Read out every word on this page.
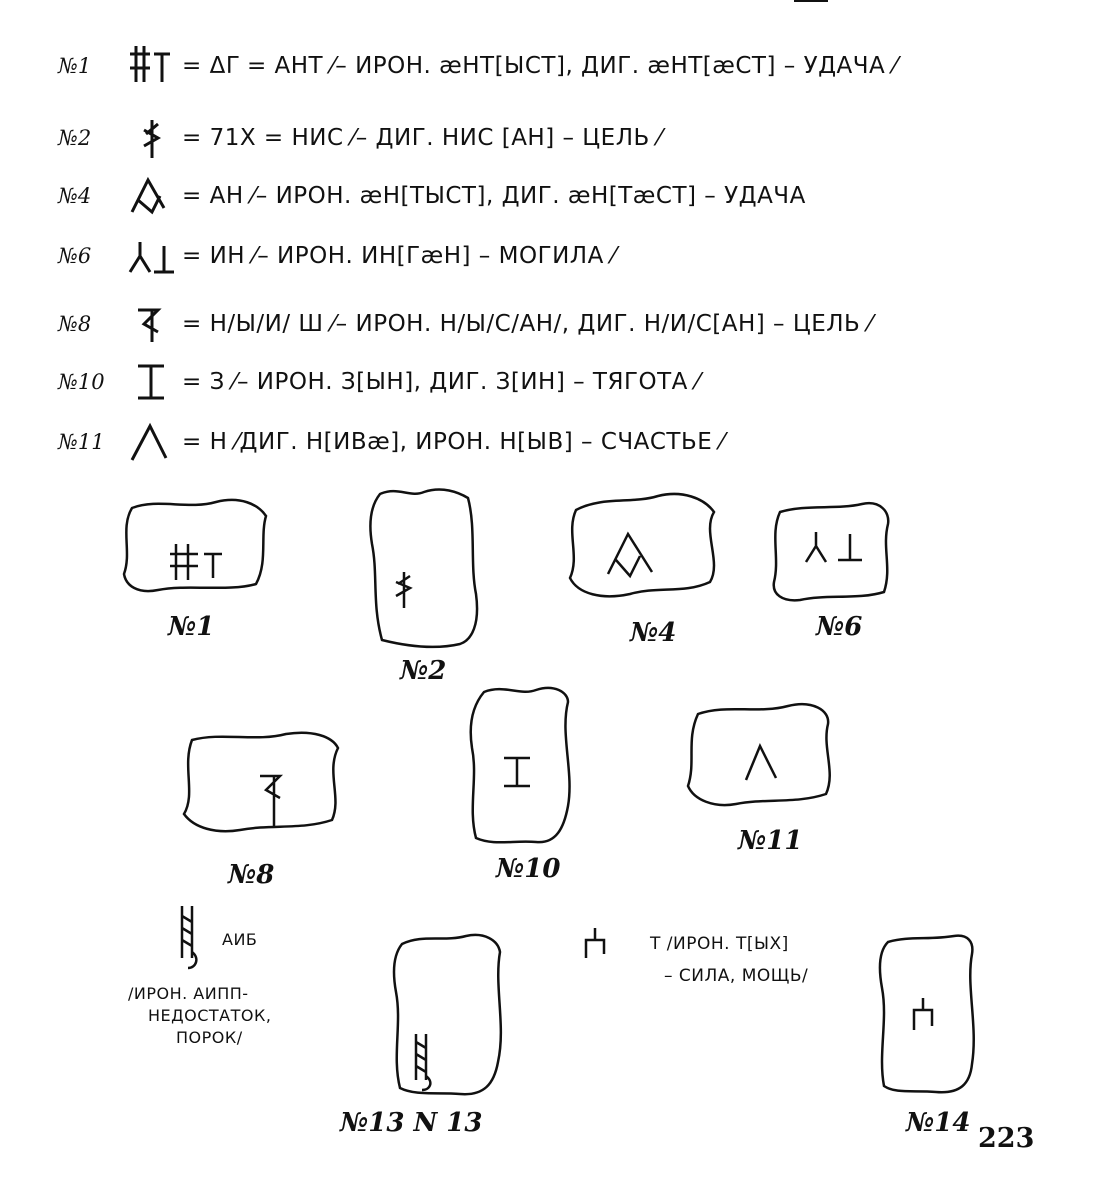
№1	= ΔΓ = АНТ ⁄– ИРОН. æНТ[ЫСТ], ДИГ. æНТ[æСТ] – УДАЧА ⁄
№2	= 71X = НИС ⁄– ДИГ. НИС [АН] – ЦЕЛЬ ⁄
№4	= АН ⁄– ИРОН. æН[ТЫСТ], ДИГ. æН[ТæСТ] – УДАЧА
№6	= ИН ⁄– ИРОН. ИН[ГæН] – МОГИЛА ⁄
№8	= Н/Ы/И/ Ш ⁄– ИРОН. Н/Ы/С/АН/, ДИГ. Н/И/С[АН] – ЦЕЛЬ ⁄
№10	= З ⁄– ИРОН. З[ЫН], ДИГ. З[ИН] – ТЯГОТА ⁄
№11	= Н ⁄ДИГ. Н[ИВæ], ИРОН. Н[ЫВ] – СЧАСТЬЕ ⁄
№1
№2
№4	№6
№8	№10
№11
АИБ
/ИРОН. АИПП-
НЕДОСТАТОК,
ПОРОК/
№13 N 13
Т /ИРОН. Т[ЫХ]
– СИЛА, МОЩЬ/
№14 223
